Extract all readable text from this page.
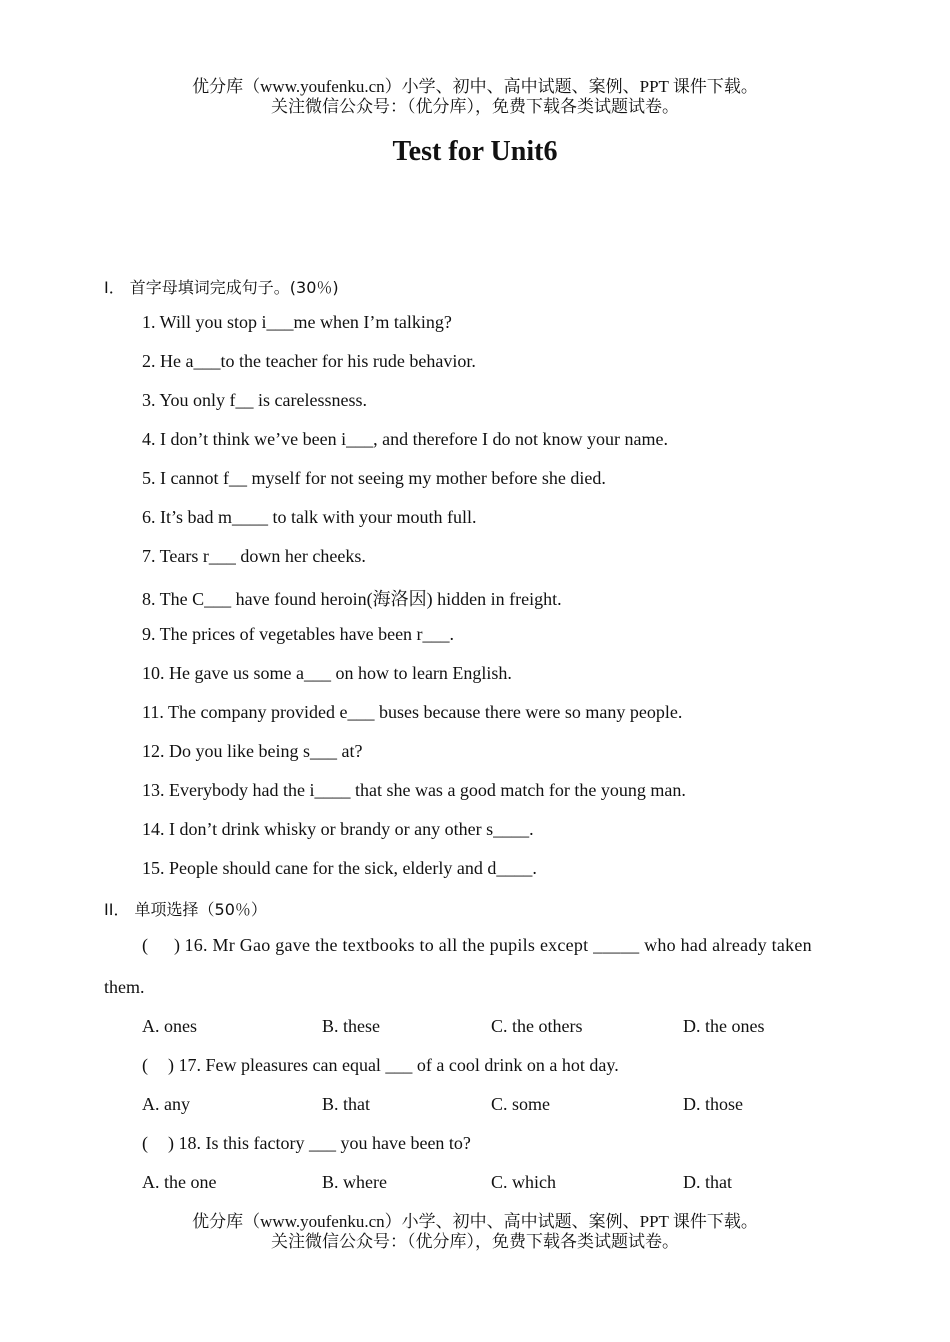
优分库（www.youfenku.cn）小学、初中、高中试题、案例、PPT 课件下载。
关注微信公众号：（优分库），免费下载各类试题试卷。
Test for Unit6
I． 首字母填词完成句子。(30％)
1. Will you stop i___me when I’m talking?
2. He a___to the teacher for his rude behavior.
3. You only f__ is carelessness.
4. I don’t think we’ve been i___, and therefore I do not know your name.
5. I cannot f__ myself for not seeing my mother before she died.
6. It’s bad m____ to talk with your mouth full.
7. Tears r___ down her cheeks.
8. The C___ have found heroin(海洛因) hidden in freight.
9. The prices of vegetables have been r___.
10. He gave us some a___ on how to learn English.
11. The company provided e___ buses because there were so many people.
12. Do you like being s___ at?
13. Everybody had the i____ that she was a good match for the young man.
14. I don’t drink whisky or brandy or any other s____.
15. People should cane for the sick, elderly and d____.
II． 单项选择（50％）
( ) 16. Mr Gao gave the textbooks to all the pupils except _____ who had already taken
them.
A. ones	B. these	C. the others	D. the ones
( ) 17. Few pleasures can equal ___ of a cool drink on a hot day.
A. any	B. that	C. some	D. those
( ) 18. Is this factory ___ you have been to?
A. the one	B. where	C. which	D. that
优分库（www.youfenku.cn）小学、初中、高中试题、案例、PPT 课件下载。
关注微信公众号：（优分库），免费下载各类试题试卷。
